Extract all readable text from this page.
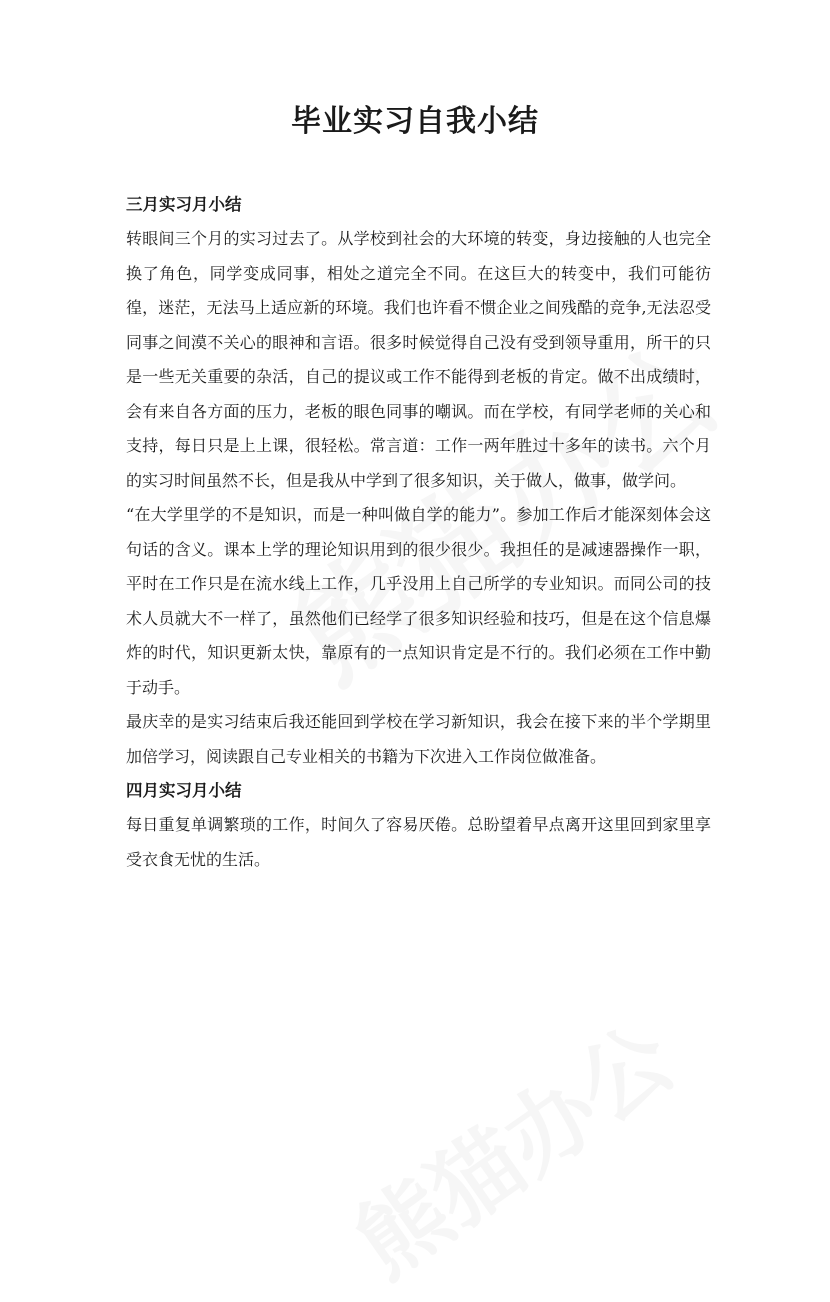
毕业实习自我小结
三月实习月小结

转眼间三个月的实习过去了。从学校到社会的大环境的转变，身边接触的人也完全换了角色，同学变成同事，相处之道完全不同。在这巨大的转变中，我们可能彷徨，迷茫，无法马上适应新的环境。我们也许看不惯企业之间残酷的竞争,无法忍受同事之间漠不关心的眼神和言语。很多时候觉得自己没有受到领导重用，所干的只是一些无关重要的杂活，自己的提议或工作不能得到老板的肯定。做不出成绩时，会有来自各方面的压力，老板的眼色同事的嘲讽。而在学校，有同学老师的关心和支持，每日只是上上课，很轻松。常言道：工作一两年胜过十多年的读书。六个月的实习时间虽然不长，但是我从中学到了很多知识，关于做人，做事，做学问。

“在大学里学的不是知识，而是一种叫做自学的能力”。参加工作后才能深刻体会这句话的含义。课本上学的理论知识用到的很少很少。我担任的是减速器操作一职，平时在工作只是在流水线上工作，几乎没用上自己所学的专业知识。而同公司的技术人员就大不一样了，虽然他们已经学了很多知识经验和技巧，但是在这个信息爆炸的时代，知识更新太快，靠原有的一点知识肯定是不行的。我们必须在工作中勤于动手。

最庆幸的是实习结束后我还能回到学校在学习新知识，我会在接下来的半个学期里加倍学习，阅读跟自己专业相关的书籍为下次进入工作岗位做准备。

四月实习月小结

每日重复单调繁琐的工作，时间久了容易厌倦。总盼望着早点离开这里回到家里享受衣食无忧的生活。
